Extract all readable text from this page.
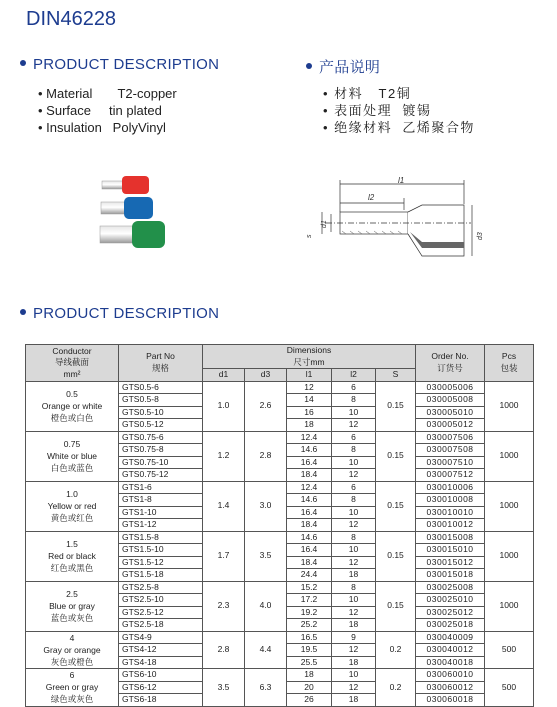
DIN46228
PRODUCT DESCRIPTION	产品说明
• Material T2-copper
• Surface tin plated
• Insulation PolyVinyl
• 材料 T2铜
• 表面处理 镀锡
• 绝缘材料 乙烯聚合物
l1
l2
s
d1
d3
PRODUCT DESCRIPTION
Conductor
导线截面
mm²	Part No
规格	Dimensions
尺寸mm					Order No.
订货号	Pcs
包装
		d1	d3	l1	l2	S		
0.5
Orange or white
橙色或白色	GTS0.5-6	1.0	2.6	12	6	0.15	030005006	1000
	GTS0.5-8			14	8		030005008	
	GTS0.5-10			16	10		030005010	
	GTS0.5-12			18	12		030005012	
0.75
White or blue
白色或蓝色	GTS0.75-6	1.2	2.8	12.4	6	0.15	030007506	1000
	GTS0.75-8			14.6	8		030007508	
	GTS0.75-10			16.4	10		030007510	
	GTS0.75-12			18.4	12		030007512	
1.0
Yellow or red
黄色或红色	GTS1-6	1.4	3.0	12.4	6	0.15	030010006	1000
	GTS1-8			14.6	8		030010008	
	GTS1-10			16.4	10		030010010	
	GTS1-12			18.4	12		030010012	
1.5
Red or black
红色或黑色	GTS1.5-8	1.7	3.5	14.6	8	0.15	030015008	1000
	GTS1.5-10			16.4	10		030015010	
	GTS1.5-12			18.4	12		030015012	
	GTS1.5-18			24.4	18		030015018	
2.5
Blue or gray
蓝色或灰色	GTS2.5-8	2.3	4.0	15.2	8	0.15	030025008	1000
	GTS2.5-10			17.2	10		030025010	
	GTS2.5-12			19.2	12		030025012	
	GTS2.5-18			25.2	18		030025018	
4
Gray or orange
灰色或橙色	GTS4-9	2.8	4.4	16.5	9	0.2	030040009	500
	GTS4-12			19.5	12		030040012	
	GTS4-18			25.5	18		030040018	
6
Green or gray
绿色或灰色	GTS6-10	3.5	6.3	18	10	0.2	030060010	500
	GTS6-12			20	12		030060012	
	GTS6-18			26	18		030060018	
